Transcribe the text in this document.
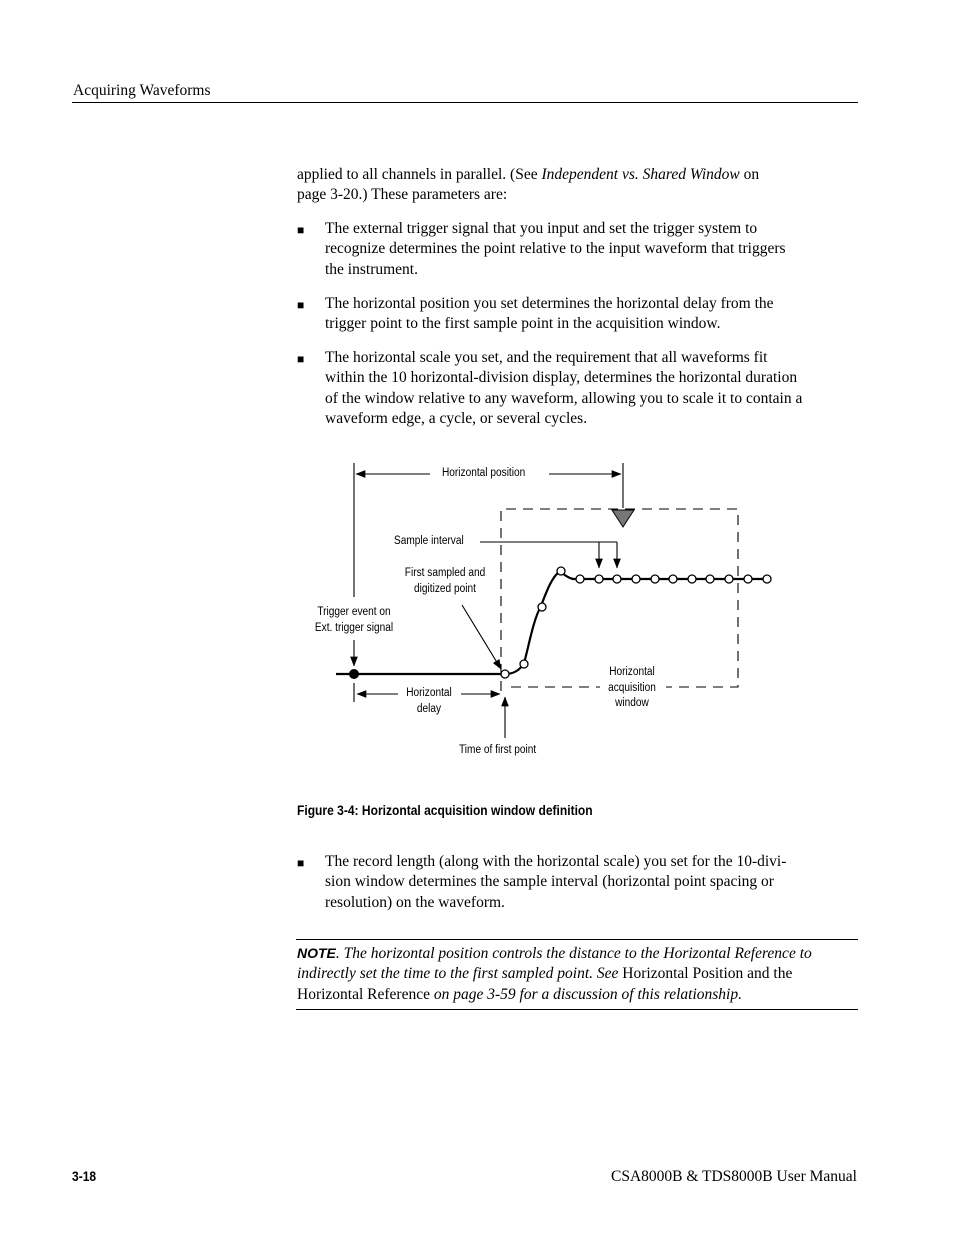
Acquiring Waveforms
applied to all channels in parallel. (See Independent vs. Shared Window on
page 3-20.) These parameters are:
■ The external trigger signal that you input and set the trigger system to
recognize determines the point relative to the input waveform that triggers
the instrument.
■ The horizontal position you set determines the horizontal delay from the
trigger point to the first sample point in the acquisition window.
■ The horizontal scale you set, and the requirement that all waveforms fit
within the 10 horizontal-division display, determines the horizontal duration
of the window relative to any waveform, allowing you to scale it to contain a
waveform edge, a cycle, or several cycles.
Horizontal position
Sample interval
First sampled and
digitized point
Trigger event on
Ext. trigger signal
Horizontal
delay
Horizontal
acquisition
window
Time of first point
Figure 3-4: Horizontal acquisition window definition
■ The record length (along with the horizontal scale) you set for the 10-divi-
sion window determines the sample interval (horizontal point spacing or
resolution) on the waveform.
NOTE. The horizontal position controls the distance to the Horizontal Reference to indirectly set the time to the first sampled point. See Horizontal Position and the Horizontal Reference on page 3-59 for a discussion of this relationship.
3-18	CSA8000B & TDS8000B User Manual
